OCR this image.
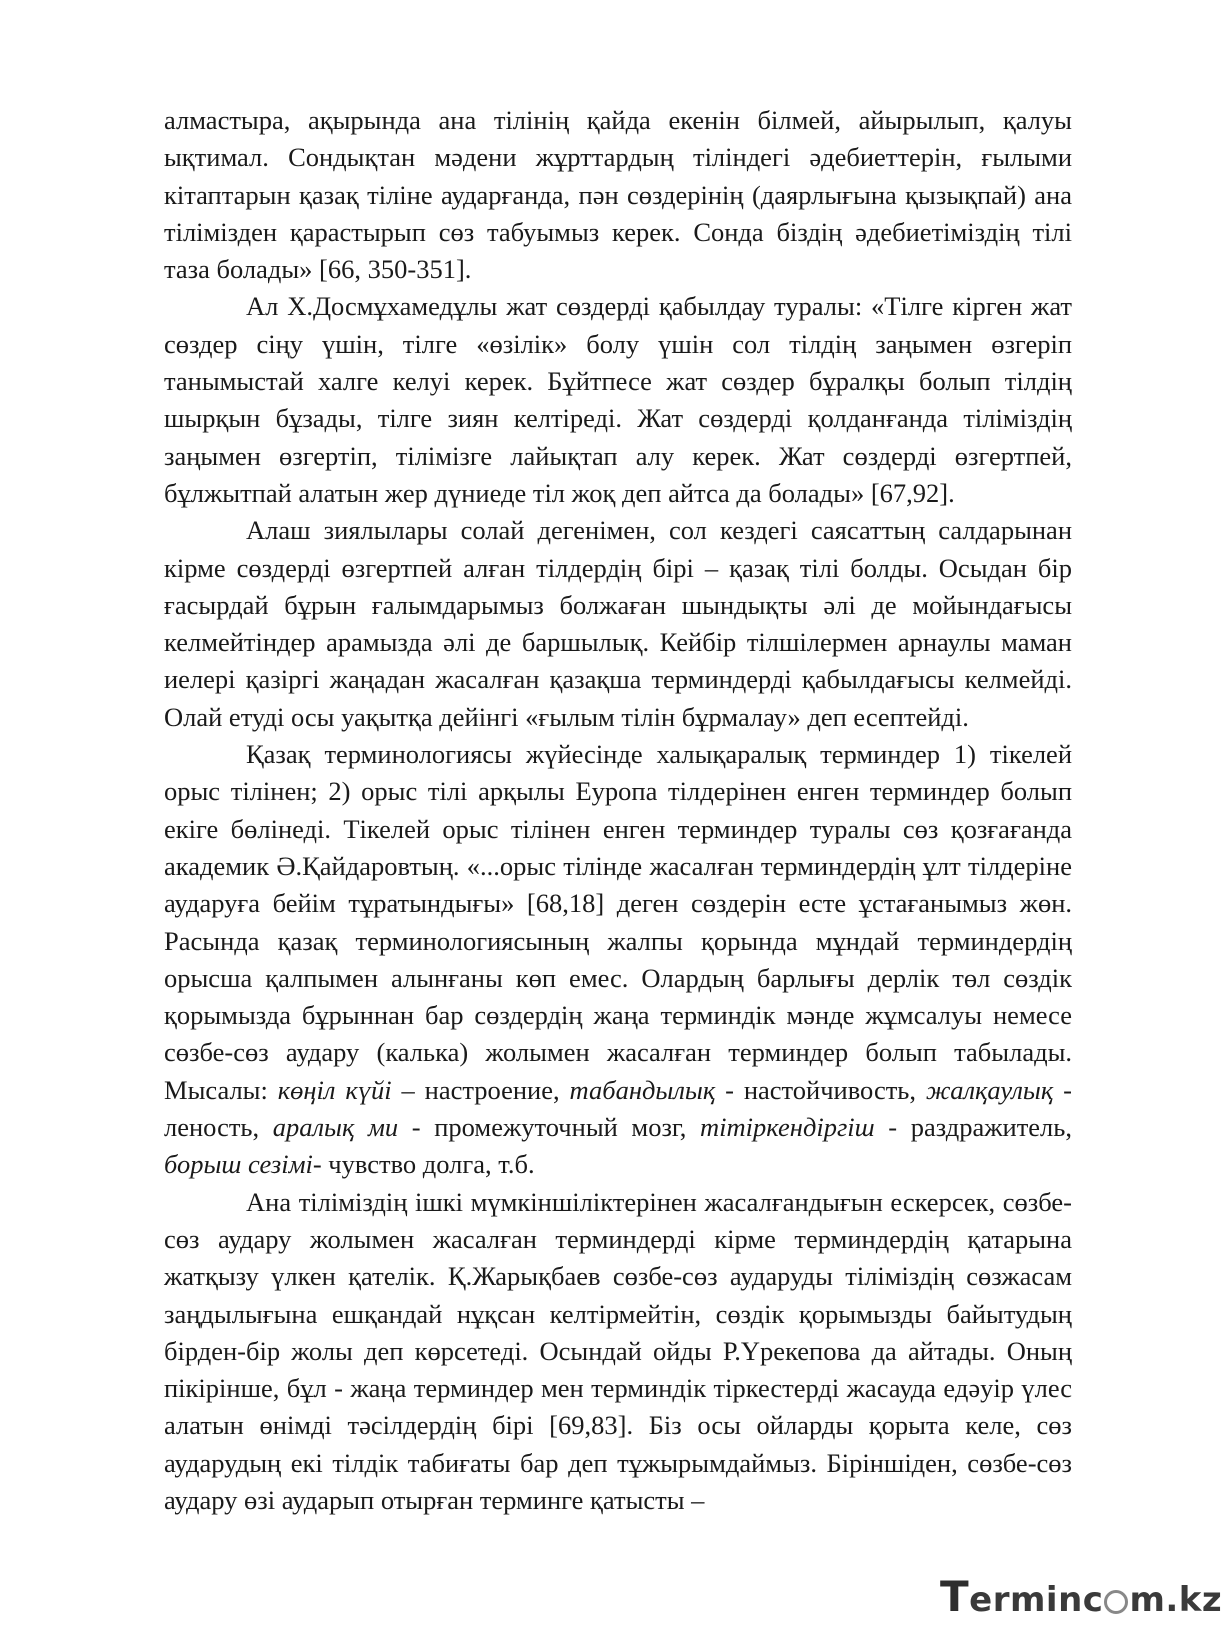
алмастыра, ақырында ана тілінің қайда екенін білмей, айырылып, қалуы ықтимал. Сондықтан мәдени жұрттардың тіліндегі әдебиеттерін, ғылыми кітаптарын қазақ тіліне аударғанда, пән сөздерінің (даярлығына қызықпай) ана тілімізден қарастырып сөз табуымыз керек. Сонда біздің әдебиетіміздің тілі таза болады» [66, 350-351].

Ал Х.Досмұхамедұлы жат сөздерді қабылдау туралы: «Тілге кірген жат сөздер сіңу үшін, тілге «өзілік» болу үшін сол тілдің заңымен өзгеріп танымыстай халге келуі керек. Бұйтпесе жат сөздер бұралқы болып тілдің шырқын бұзады, тілге зиян келтіреді. Жат сөздерді қолданғанда тіліміздің заңымен өзгертіп, тілімізге лайықтап алу керек. Жат сөздерді өзгертпей, бұлжытпай алатын жер дүниеде тіл жоқ деп айтса да болады» [67,92].

Алаш зиялылары солай дегенімен, сол кездегі саясаттың салдарынан кірме сөздерді өзгертпей алған тілдердің бірі – қазақ тілі болды. Осыдан бір ғасырдай бұрын ғалымдарымыз болжаған шындықты әлі де мойындағысы келмейтіндер арамызда әлі де баршылық. Кейбір тілшілермен арнаулы маман иелері қазіргі жаңадан жасалған қазақша терминдерді қабылдағысы келмейді. Олай етуді осы уақытқа дейінгі «ғылым тілін бұрмалау» деп есептейді.

Қазақ терминологиясы жүйесінде халықаралық терминдер 1) тікелей орыс тілінен; 2) орыс тілі арқылы Еуропа тілдерінен енген терминдер болып екіге бөлінеді. Тікелей орыс тілінен енген терминдер туралы сөз қозғағанда академик Ә.Қайдаровтың. «...орыс тілінде жасалған терминдердің ұлт тілдеріне аударуға бейім тұратындығы» [68,18] деген сөздерін есте ұстағанымыз жөн. Расында қазақ терминологиясының жалпы қорында мұндай терминдердің орысша қалпымен алынғаны көп емес. Олардың барлығы дерлік төл сөздік қорымызда бұрыннан бар сөздердің жаңа терминдік мәнде жұмсалуы немесе сөзбе-сөз аудару (калька) жолымен жасалған терминдер болып табылады. Мысалы: көңіл күйі – настроение, табандылық - настойчивость, жалқаулық - леность, аралық ми - промежуточный мозг, тітіркендіргіш - раздражитель, борыш сезімі- чувство долга, т.б.

Ана тіліміздің ішкі мүмкіншіліктерінен жасалғандығын ескерсек, сөзбе-сөз аудару жолымен жасалған терминдерді кірме терминдердің қатарына жатқызу үлкен қателік. Қ.Жарықбаев сөзбе-сөз аударуды тіліміздің сөзжасам заңдылығына ешқандай нұқсан келтірмейтін, сөздік қорымызды байытудың бірден-бір жолы деп көрсетеді. Осындай ойды Р.Үрекепова да айтады. Оның пікірінше, бұл - жаңа терминдер мен терминдік тіркестерді жасауда едәуір үлес алатын өнімді тәсілдердің бірі [69,83]. Біз осы ойларды қорыта келе, сөз аударудың екі тілдік табиғаты бар деп тұжырымдаймыз. Біріншіден, сөзбе-сөз аудару өзі аударып отырған терминге қатысты –

Terminc m.kz
